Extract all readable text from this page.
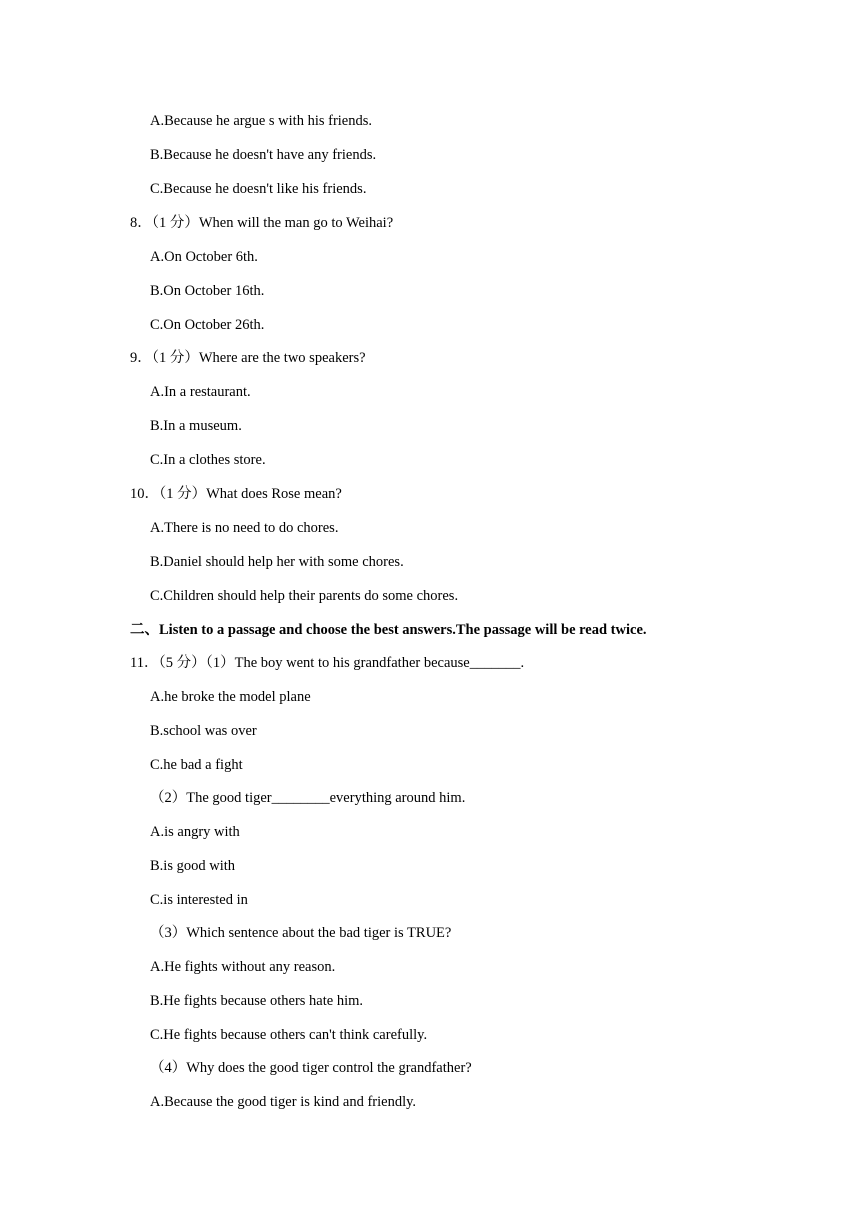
A.Because he argue s with his friends.
B.Because he doesn't have any friends.
C.Because he doesn't like his friends.
8．（1 分）When will the man go to Weihai?
A.On October 6th.
B.On October 16th.
C.On October 26th.
9．（1 分）Where are the two speakers?
A.In a restaurant.
B.In a museum.
C.In a clothes store.
10．（1 分）What does Rose mean?
A.There is no need to do chores.
B.Daniel should help her with some chores.
C.Children should help their parents do some chores.
二、Listen to a passage and choose the best answers.The passage will be read twice.
11．（5 分）（1）The boy went to his grandfather because_______.
A.he broke the model plane
B.school was over
C.he bad a fight
（2）The good tiger________everything around him.
A.is angry with
B.is good with
C.is interested in
（3）Which sentence about the bad tiger is TRUE?
A.He fights without any reason.
B.He fights because others hate him.
C.He fights because others can't think carefully.
（4）Why does the good tiger control the grandfather?
A.Because the good tiger is kind and friendly.
